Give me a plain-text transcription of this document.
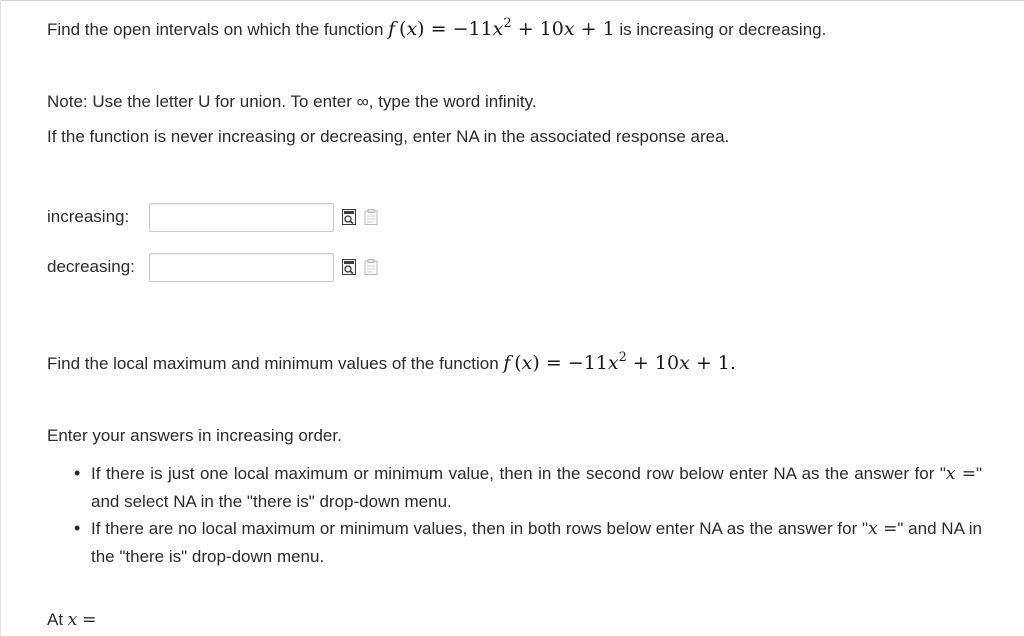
Find the open intervals on which the function f $(x) = -11x^2 + 10x + 1$ is increasing or decreasing.
Note: Use the letter U for union. To enter ∞, type the word infinity.
If the function is never increasing or decreasing, enter NA in the associated response area.
increasing:
decreasing:
Find the local maximum and minimum values of the function f $(x) = -11x^2 + 10x + 1$.
Enter your answers in increasing order.
• If there is just one local maximum or minimum value, then in the second row below enter NA as the answer for "x =" and select NA in the "there is" drop-down menu.
• If there are no local maximum or minimum values, then in both rows below enter NA as the answer for "x =" and NA in the "there is" drop-down menu.
At x =
